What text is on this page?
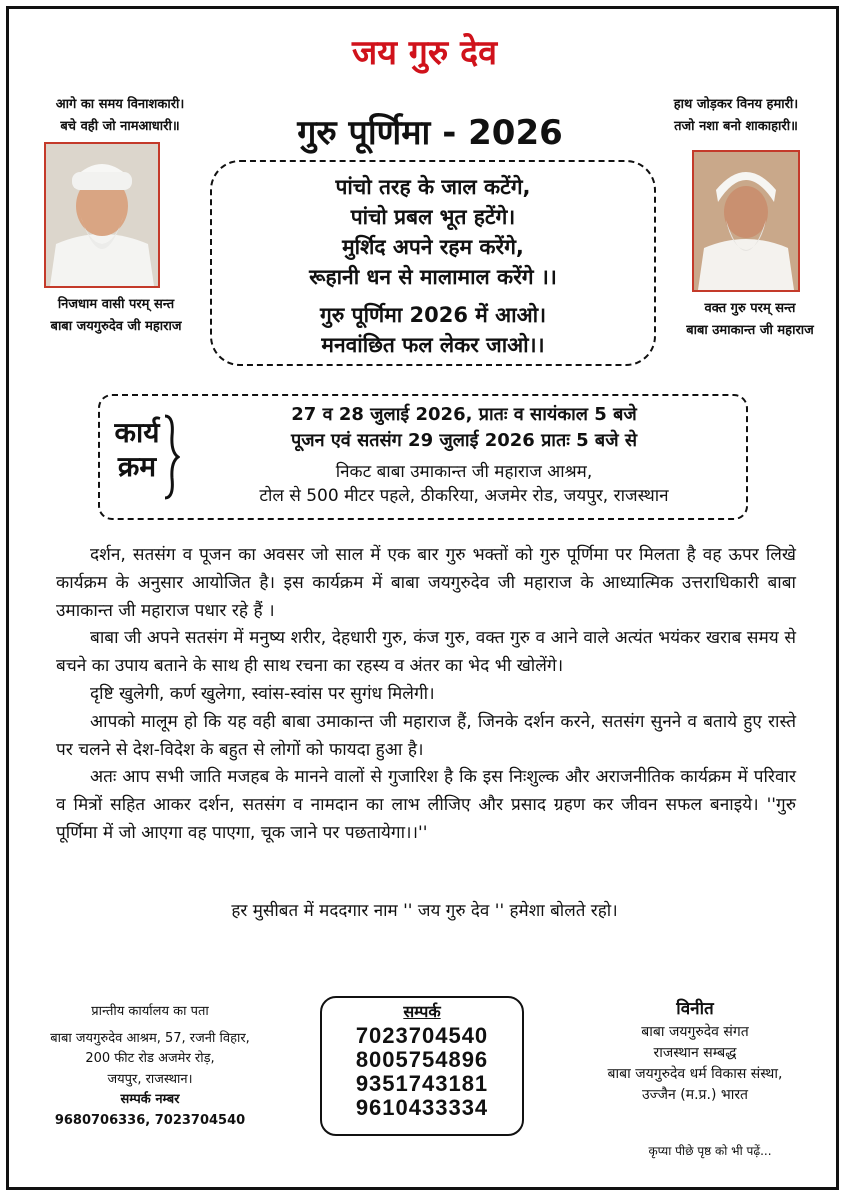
जय गुरु देव
गुरु पूर्णिमा - 2026
आगे का समय विनाशकारी।
बचे वही जो नामआधारी॥
निजधाम वासी परम् सन्त
बाबा जयगुरुदेव जी महाराज
हाथ जोड़कर विनय हमारी।
तजो नशा बनो शाकाहारी॥
वक्त गुरु परम् सन्त
बाबा उमाकान्त जी महाराज
पांचो तरह के जाल कटेंगे,
पांचो प्रबल भूत हटेंगे।
मुर्शिद अपने रहम करेंगे,
रूहानी धन से मालामाल करेंगे ।।
गुरु पूर्णिमा 2026 में आओ।
मनवांछित फल लेकर जाओ।।
कार्य
क्रम
27 व 28 जुलाई 2026, प्रातः व सायंकाल 5 बजे
पूजन एवं सतसंग 29 जुलाई 2026 प्रातः 5 बजे से
निकट बाबा उमाकान्त जी महाराज आश्रम,
टोल से 500 मीटर पहले, ठीकरिया, अजमेर रोड, जयपुर, राजस्थान

दर्शन, सतसंग व पूजन का अवसर जो साल में एक बार गुरु भक्तों को गुरु पूर्णिमा पर मिलता है वह ऊपर लिखे कार्यक्रम के अनुसार आयोजित है। इस कार्यक्रम में बाबा जयगुरुदेव जी महाराज के आध्यात्मिक उत्तराधिकारी बाबा उमाकान्त जी महाराज पधार रहे हैं ।

बाबा जी अपने सतसंग में मनुष्य शरीर, देहधारी गुरु, कंज गुरु, वक्त गुरु व आने वाले अत्यंत भयंकर खराब समय से बचने का उपाय बताने के साथ ही साथ रचना का रहस्य व अंतर का भेद भी खोलेंगे।

दृष्टि खुलेगी, कर्ण खुलेगा, स्वांस-स्वांस पर सुगंध मिलेगी।

आपको मालूम हो कि यह वही बाबा उमाकान्त जी महाराज हैं, जिनके दर्शन करने, सतसंग सुनने व बताये हुए रास्ते पर चलने से देश-विदेश के बहुत से लोगों को फायदा हुआ है।

अतः आप सभी जाति मजहब के मानने वालों से गुजारिश है कि इस निःशुल्क और अराजनीतिक कार्यक्रम में परिवार व मित्रों सहित आकर दर्शन, सतसंग व नामदान का लाभ लीजिए और प्रसाद ग्रहण कर जीवन सफल बनाइये। ''गुरु पूर्णिमा में जो आएगा वह पाएगा, चूक जाने पर पछतायेगा।।''

हर मुसीबत में मददगार नाम '' जय गुरु देव '' हमेशा बोलते रहो।
प्रान्तीय कार्यालय का पता
बाबा जयगुरुदेव आश्रम, 57, रजनी विहार,
200 फीट रोड अजमेर रोड़,
जयपुर, राजस्थान।
सम्पर्क नम्बर
9680706336, 7023704540
सम्पर्क
7023704540
8005754896
9351743181
9610433334
विनीत
बाबा जयगुरुदेव संगत
राजस्थान सम्बद्ध
बाबा जयगुरुदेव धर्म विकास संस्था,
उज्जैन (म.प्र.) भारत
कृप्या पीछे पृष्ठ को भी पढ़ें...
